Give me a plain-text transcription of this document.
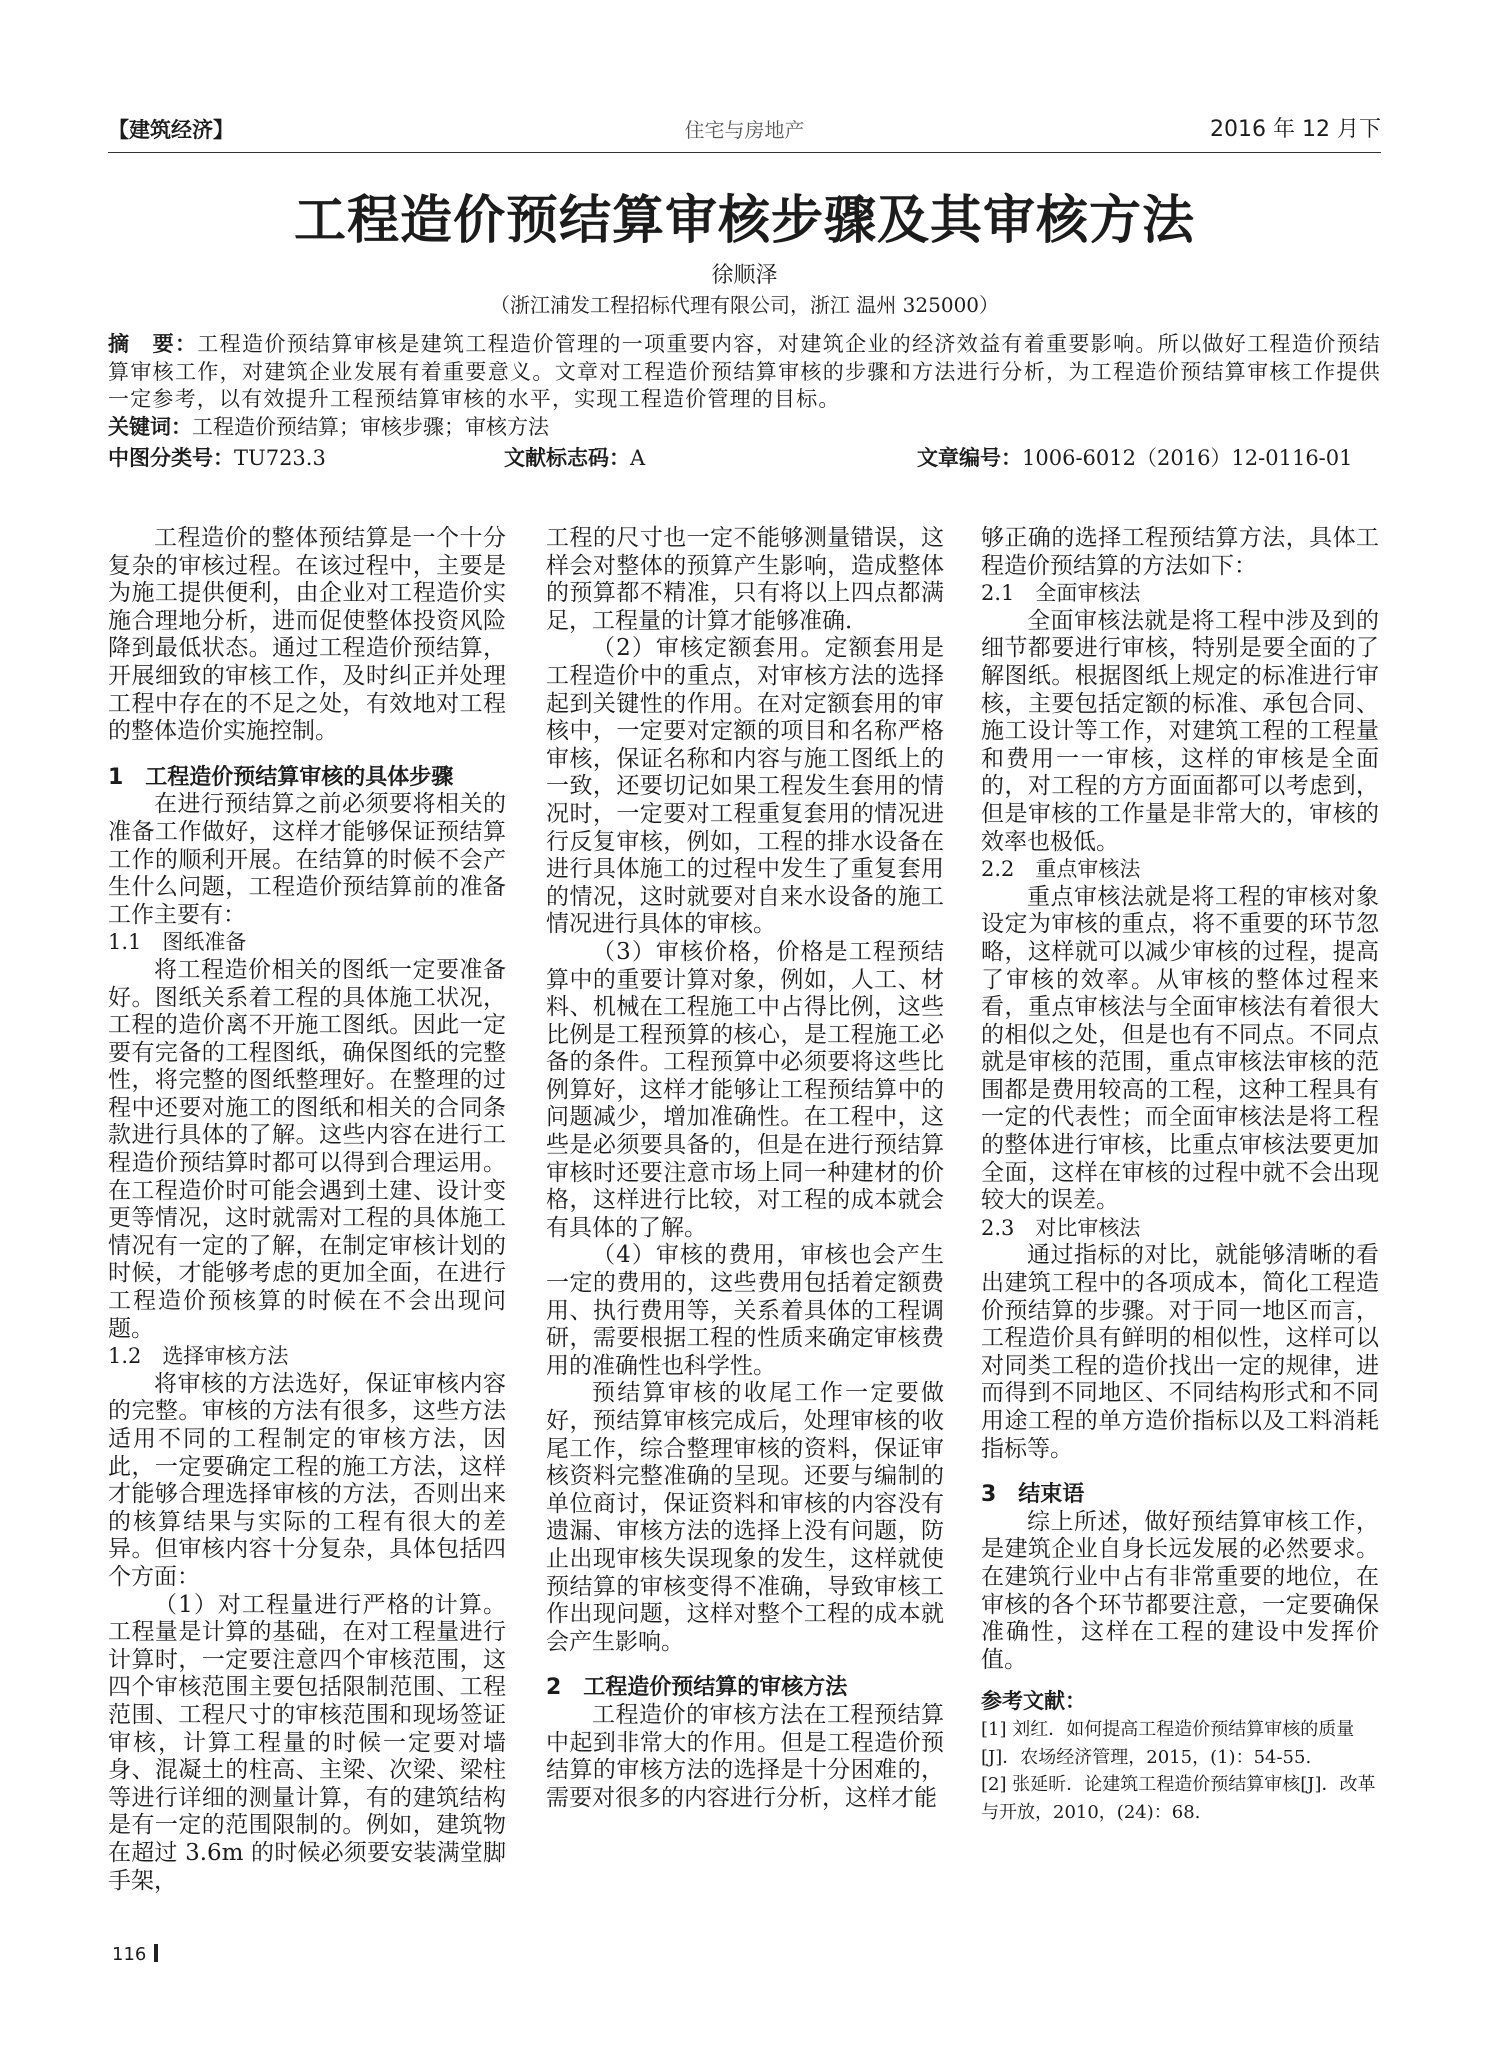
【建筑经济】	住宅与房地产	2016 年 12 月下
工程造价预结算审核步骤及其审核方法
徐顺泽
（浙江浦发工程招标代理有限公司，浙江 温州 325000）

摘　要：工程造价预结算审核是建筑工程造价管理的一项重要内容，对建筑企业的经济效益有着重要影响。所以做好工程造价预结算审核工作，对建筑企业发展有着重要意义。文章对工程造价预结算审核的步骤和方法进行分析，为工程造价预结算审核工作提供一定参考，以有效提升工程预结算审核的水平，实现工程造价管理的目标。

关键词：工程造价预结算；审核步骤；审核方法

中图分类号：TU723.3	文献标志码：A	文章编号：1006-6012（2016）12-0116-01

工程造价的整体预结算是一个十分复杂的审核过程。在该过程中，主要是为施工提供便利，由企业对工程造价实施合理地分析，进而促使整体投资风险降到最低状态。通过工程造价预结算，开展细致的审核工作，及时纠正并处理工程中存在的不足之处，有效地对工程的整体造价实施控制。

1　工程造价预结算审核的具体步骤

在进行预结算之前必须要将相关的准备工作做好，这样才能够保证预结算工作的顺利开展。在结算的时候不会产生什么问题，工程造价预结算前的准备工作主要有：

1.1　图纸准备

将工程造价相关的图纸一定要准备好。图纸关系着工程的具体施工状况，工程的造价离不开施工图纸。因此一定要有完备的工程图纸，确保图纸的完整性，将完整的图纸整理好。在整理的过程中还要对施工的图纸和相关的合同条款进行具体的了解。这些内容在进行工程造价预结算时都可以得到合理运用。在工程造价时可能会遇到土建、设计变更等情况，这时就需对工程的具体施工情况有一定的了解，在制定审核计划的时候，才能够考虑的更加全面，在进行工程造价预核算的时候在不会出现问题。

1.2　选择审核方法

将审核的方法选好，保证审核内容的完整。审核的方法有很多，这些方法适用不同的工程制定的审核方法，因此，一定要确定工程的施工方法，这样才能够合理选择审核的方法，否则出来的核算结果与实际的工程有很大的差异。但审核内容十分复杂，具体包括四个方面：

（1）对工程量进行严格的计算。工程量是计算的基础，在对工程量进行计算时，一定要注意四个审核范围，这四个审核范围主要包括限制范围、工程范围、工程尺寸的审核范围和现场签证审核，计算工程量的时候一定要对墙身、混凝土的柱高、主梁、次梁、梁柱等进行详细的测量计算，有的建筑结构是有一定的范围限制的。例如，建筑物在超过 3.6m 的时候必须要安装满堂脚手架，

工程的尺寸也一定不能够测量错误，这样会对整体的预算产生影响，造成整体的预算都不精准，只有将以上四点都满足，工程量的计算才能够准确．

（2）审核定额套用。定额套用是工程造价中的重点，对审核方法的选择起到关键性的作用。在对定额套用的审核中，一定要对定额的项目和名称严格审核，保证名称和内容与施工图纸上的一致，还要切记如果工程发生套用的情况时，一定要对工程重复套用的情况进行反复审核，例如，工程的排水设备在进行具体施工的过程中发生了重复套用的情况，这时就要对自来水设备的施工情况进行具体的审核。

（3）审核价格，价格是工程预结算中的重要计算对象，例如，人工、材料、机械在工程施工中占得比例，这些比例是工程预算的核心，是工程施工必备的条件。工程预算中必须要将这些比例算好，这样才能够让工程预结算中的问题减少，增加准确性。在工程中，这些是必须要具备的，但是在进行预结算审核时还要注意市场上同一种建材的价格，这样进行比较，对工程的成本就会有具体的了解。

（4）审核的费用，审核也会产生一定的费用的，这些费用包括着定额费用、执行费用等，关系着具体的工程调研，需要根据工程的性质来确定审核费用的准确性也科学性。

预结算审核的收尾工作一定要做好，预结算审核完成后，处理审核的收尾工作，综合整理审核的资料，保证审核资料完整准确的呈现。还要与编制的单位商讨，保证资料和审核的内容没有遗漏、审核方法的选择上没有问题，防止出现审核失误现象的发生，这样就使预结算的审核变得不准确，导致审核工作出现问题，这样对整个工程的成本就会产生影响。

2　工程造价预结算的审核方法

工程造价的审核方法在工程预结算中起到非常大的作用。但是工程造价预结算的审核方法的选择是十分困难的，需要对很多的内容进行分析，这样才能

够正确的选择工程预结算方法，具体工程造价预结算的方法如下：

2.1　全面审核法

全面审核法就是将工程中涉及到的细节都要进行审核，特别是要全面的了解图纸。根据图纸上规定的标准进行审核，主要包括定额的标准、承包合同、施工设计等工作，对建筑工程的工程量和费用一一审核，这样的审核是全面的，对工程的方方面面都可以考虑到，但是审核的工作量是非常大的，审核的效率也极低。

2.2　重点审核法

重点审核法就是将工程的审核对象设定为审核的重点，将不重要的环节忽略，这样就可以减少审核的过程，提高了审核的效率。从审核的整体过程来看，重点审核法与全面审核法有着很大的相似之处，但是也有不同点。不同点就是审核的范围，重点审核法审核的范围都是费用较高的工程，这种工程具有一定的代表性；而全面审核法是将工程的整体进行审核，比重点审核法要更加全面，这样在审核的过程中就不会出现较大的误差。

2.3　对比审核法

通过指标的对比，就能够清晰的看出建筑工程中的各项成本，简化工程造价预结算的步骤。对于同一地区而言，工程造价具有鲜明的相似性，这样可以对同类工程的造价找出一定的规律，进而得到不同地区、不同结构形式和不同用途工程的单方造价指标以及工料消耗指标等。

3　结束语

综上所述，做好预结算审核工作，是建筑企业自身长远发展的必然要求。在建筑行业中占有非常重要的地位，在审核的各个环节都要注意，一定要确保准确性，这样在工程的建设中发挥价值。

参考文献：

[1] 刘红．如何提高工程造价预结算审核的质量[J]．农场经济管理，2015，(1)：54-55.

[2] 张延昕．论建筑工程造价预结算审核[J]．改革与开放，2010，(24)：68.

116
